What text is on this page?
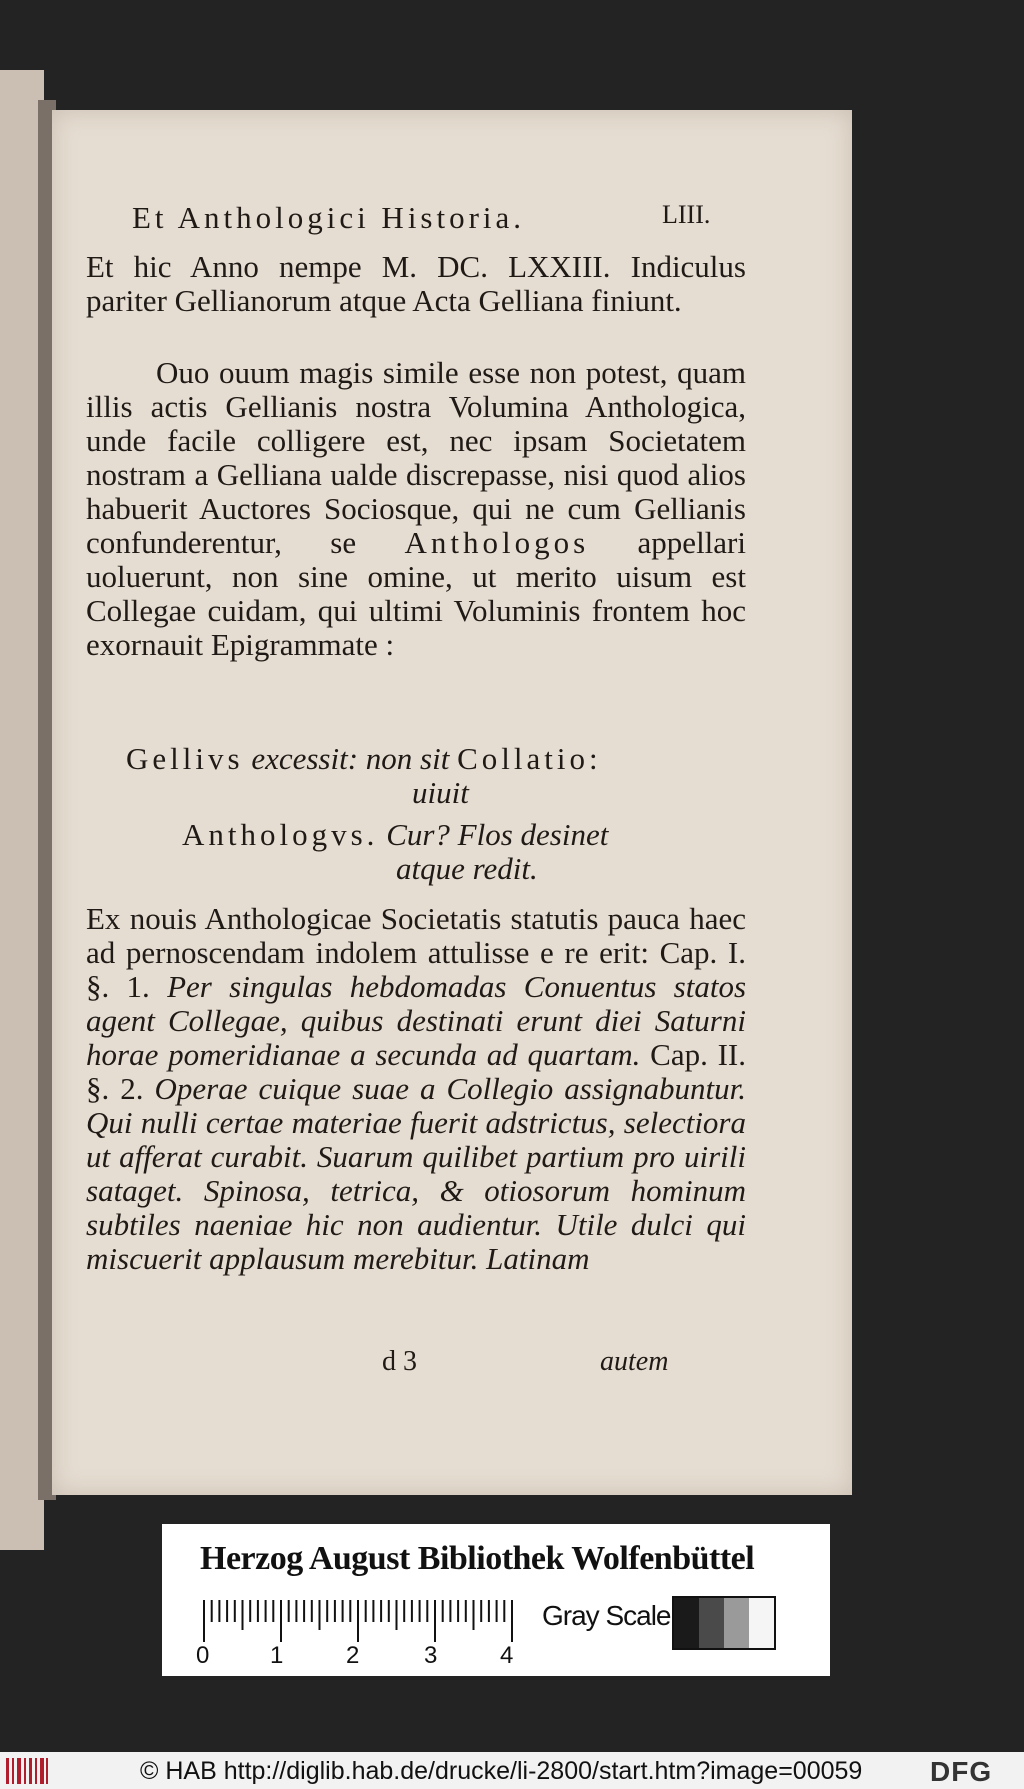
Et Anthologici Historia.	LIII.
Et hic Anno nempe M. DC. LXXIII. Indiculus pariter Gellianorum atque Acta Gelliana finiunt.
Ouo ouum magis simile esse non potest, quam illis actis Gellianis nostra Volumina Anthologica, unde facile colligere est, nec ipsam Societatem nostram a Gelliana ualde discrepasse, nisi quod alios habuerit Auctores Sociosque, qui ne cum Gellianis confunderentur, se Anthologos appellari uoluerunt, non sine omine, ut merito uisum est Collegae cuidam, qui ultimi Voluminis frontem hoc exornauit Epigrammate :
Gellivs excessit: non sit Collatio:
uiuit
Anthologvs. Cur? Flos desinet
atque redit.
Ex nouis Anthologicae Societatis statutis pauca haec ad pernoscendam indolem attulisse e re erit: Cap. I. §. 1. Per singulas hebdomadas Conuentus statos agent Collegae, quibus destinati erunt diei Saturni horae pomeridianae a secunda ad quartam. Cap. II. §. 2. Operae cuique suae a Collegio assignabuntur. Qui nulli certae materiae fuerit adstrictus, selectiora ut afferat curabit. Suarum quilibet partium pro uirili sataget. Spinosa, tetrica, & otiosorum hominum subtiles naeniae hic non audientur. Utile dulci qui miscuerit applausum merebitur. Latinam
d 3	autem
Herzog August Bibliothek Wolfenbüttel
0	1	2	3	4
Gray Scale
© HAB http://diglib.hab.de/drucke/li-2800/start.htm?image=00059 DFG
